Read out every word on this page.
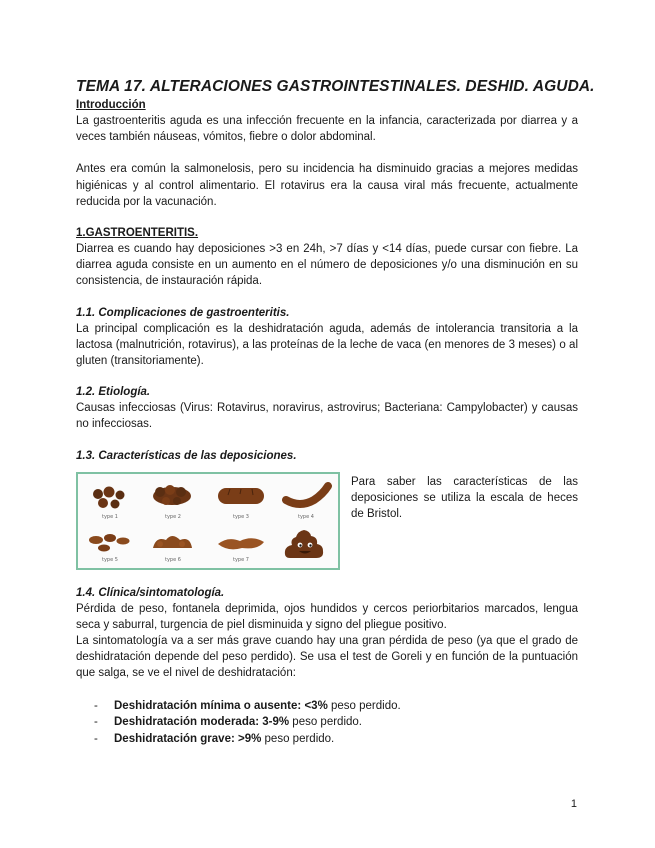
TEMA 17. ALTERACIONES GASTROINTESTINALES. DESHID. AGUDA.
Introducción

La gastroenteritis aguda es una infección frecuente en la infancia, caracterizada por diarrea y a veces también náuseas, vómitos, fiebre o dolor abdominal.

Antes era común la salmonelosis, pero su incidencia ha disminuido gracias a mejores medidas higiénicas y al control alimentario. El rotavirus era la causa viral más frecuente, actualmente reducida por la vacunación.

1.GASTROENTERITIS.

Diarrea es cuando hay deposiciones >3 en 24h, >7 días y <14 días, puede cursar con fiebre. La diarrea aguda consiste en un aumento en el número de deposiciones y/o una disminución en su consistencia, de instauración rápida.

1.1. Complicaciones de gastroenteritis.

La principal complicación es la deshidratación aguda, además de intolerancia transitoria a la lactosa (malnutrición, rotavirus), a las proteínas de la leche de vaca (en menores de 3 meses) o al gluten (transitoriamente).

1.2. Etiología.

Causas infecciosas (Virus: Rotavirus, noravirus, astrovirus; Bacteriana: Campylobacter) y causas no infecciosas.

1.3. Características de las deposiciones.
type 1	type 2	type 3	type 4
type 5	type 6	type 7
Para saber las características de las deposiciones se utiliza la escala de heces de Bristol.
1.4. Clínica/sintomatología.

Pérdida de peso, fontanela deprimida, ojos hundidos y cercos periorbitarios marcados, lengua seca y saburral, turgencia de piel disminuida y signo del pliegue positivo.

La sintomatología va a ser más grave cuando hay una gran pérdida de peso (ya que el grado de deshidratación depende del peso perdido). Se usa el test de Goreli y en función de la puntuación que salga, se ve el nivel de deshidratación:

- Deshidratación mínima o ausente: <3% peso perdido.
- Deshidratación moderada: 3-9% peso perdido.
- Deshidratación grave: >9% peso perdido.
1
